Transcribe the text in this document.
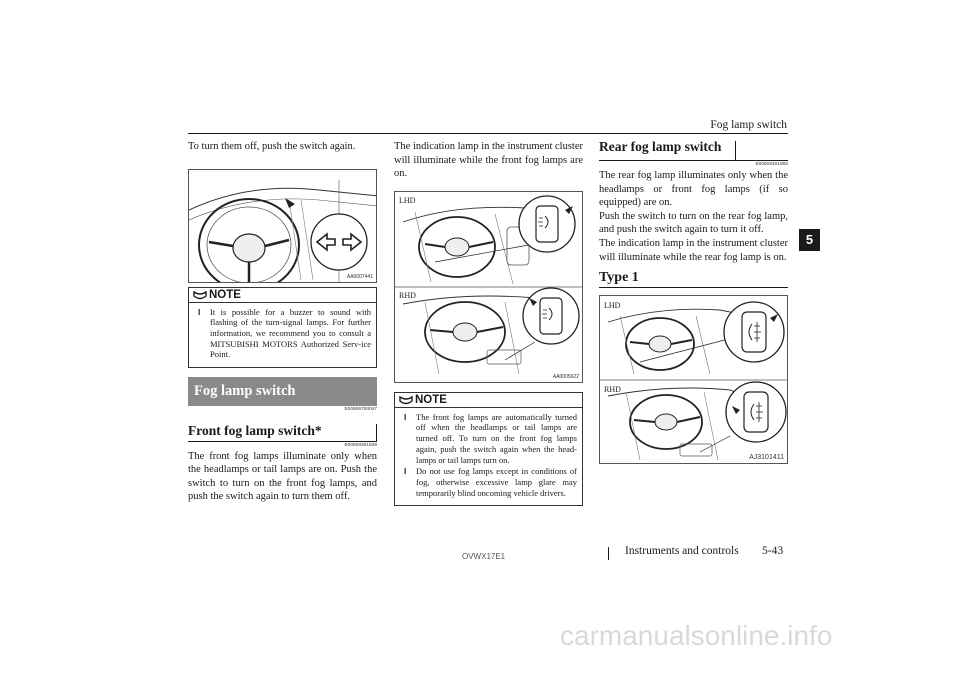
Fog lamp switch
5
To turn them off, push the switch again.
AA0007441
NOTE
l It is possible for a buzzer to sound with flashing of the turn-signal lamps. For further information, we recommend you to consult a MITSUBISHI MOTORS Authorized Serv-ice Point.
Fog lamp switch
E00506700047
Front fog lamp switch*
E00508301839
The front fog lamps illuminate only when the headlamps or tail lamps are on. Push the switch to turn on the front fog lamps, and push the switch again to turn them off.
The indication lamp in the instrument cluster will illuminate while the front fog lamps are on.
LHD
RHD
AA0005622
NOTE
l The front fog lamps are automatically turned off when the headlamps or tail lamps are turned off. To turn on the front fog lamps again, push the switch again when the head-lamps or tail lamps turn on.
l Do not use fog lamps except in conditions of fog, otherwise excessive lamp glare may temporarily blind oncoming vehicle drivers.
Rear fog lamp switch
E00508401856
The rear fog lamp illuminates only when the headlamps or front fog lamps (if so equipped) are on.
Push the switch to turn on the rear fog lamp, and push the switch again to turn it off.
The indication lamp in the instrument cluster will illuminate while the rear fog lamp is on.
Type 1
LHD
RHD
AJ3101411
OVWX17E1	Instruments and controls 5-43
carmanualsonline.info
